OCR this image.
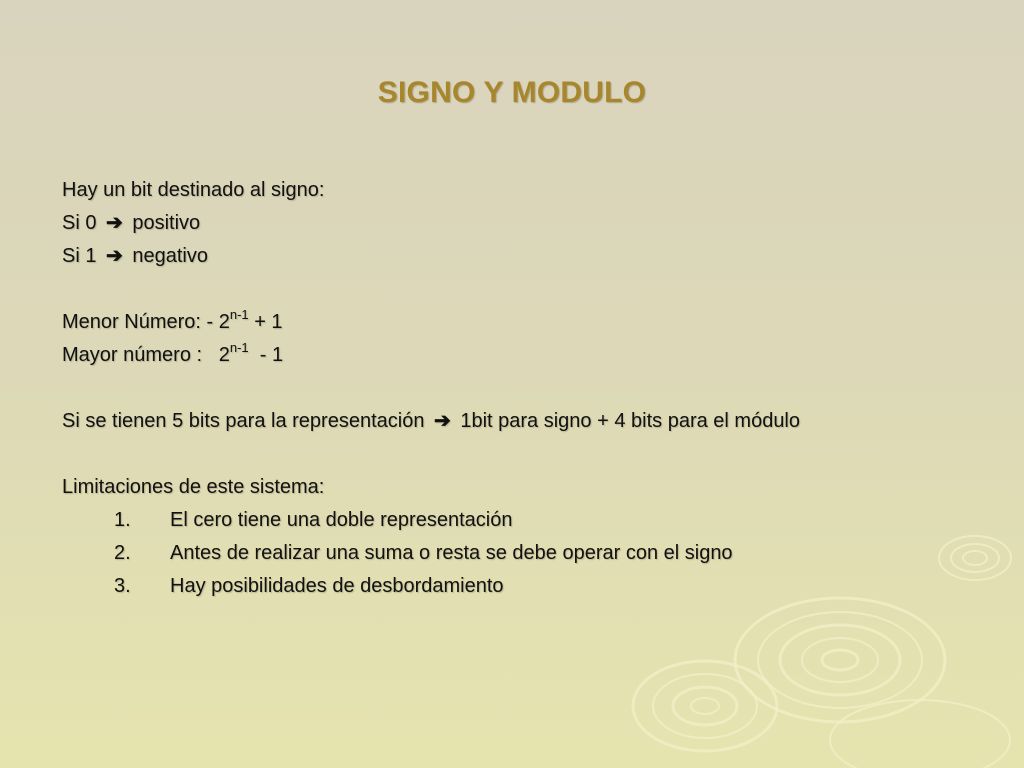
SIGNO Y MODULO
Hay un bit destinado al signo:
Si 0 ➔ positivo
Si 1 ➔ negativo
Menor Número: - $2^{n-1} + 1$
Mayor número :   2$^{n-1}$  - 1
Si se tienen 5 bits para la representación ➔ 1bit para signo + 4 bits para el módulo
Limitaciones de este sistema:
1. El cero tiene una doble representación
2. Antes de realizar una suma o resta se debe operar con el signo
3. Hay posibilidades de desbordamiento
